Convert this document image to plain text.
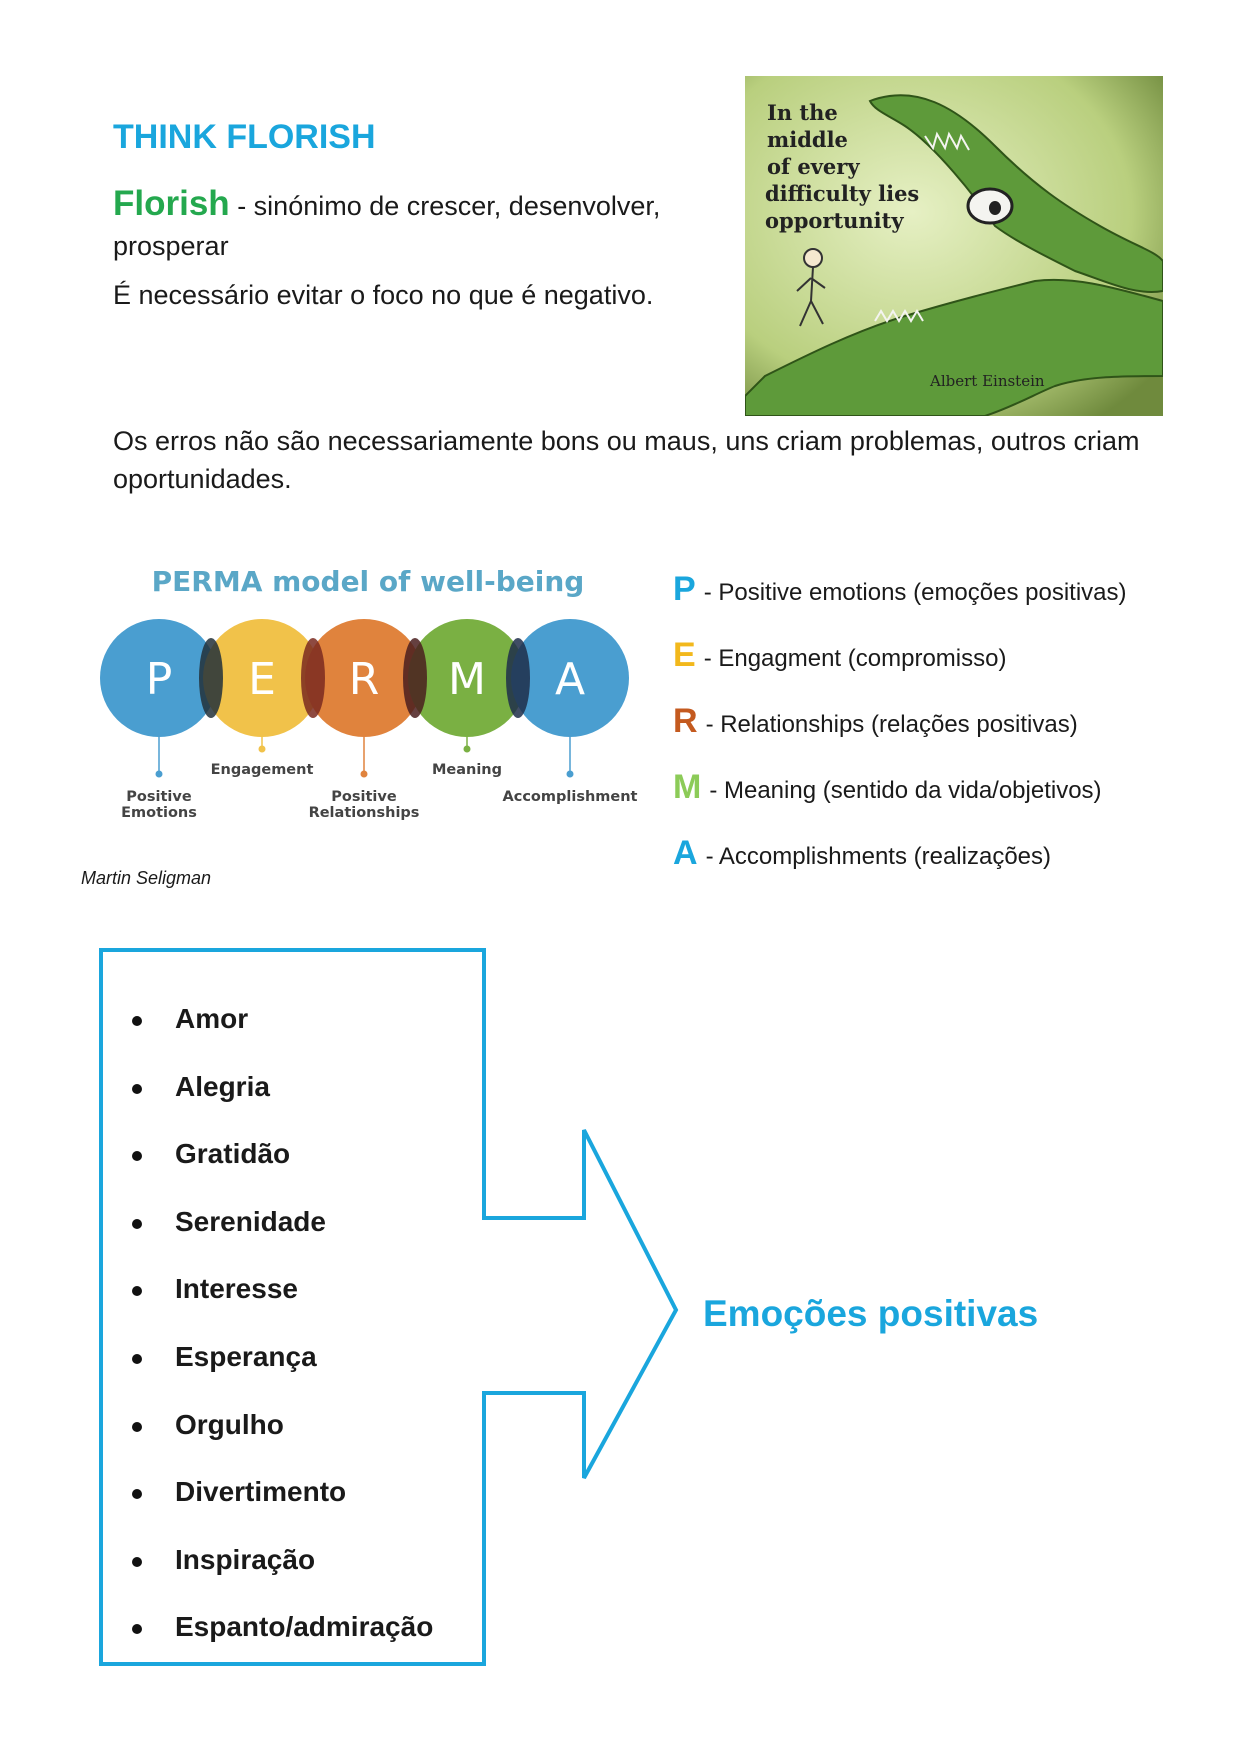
THINK FLORISH
Florish - sinónimo de crescer, desenvolver, prosperar
É necessário evitar o foco no que é negativo.
In the
middle
of every
difficulty lies
opportunity
Albert Einstein
Os erros não são necessariamente bons ou maus, uns criam problemas, outros criam oportunidades.
PERMA model of well-being
P E R M A
Positive
Emotions
Engagement
Positive
Relationships
Meaning
Accomplishment
Martin Seligman
P - Positive emotions (emoções positivas)
E - Engagment (compromisso)
R - Relationships (relações positivas)
M - Meaning (sentido da vida/objetivos)
A - Accomplishments (realizações)
Amor
Alegria
Gratidão
Serenidade
Interesse
Esperança
Orgulho
Divertimento
Inspiração
Espanto/admiração
Emoções positivas
